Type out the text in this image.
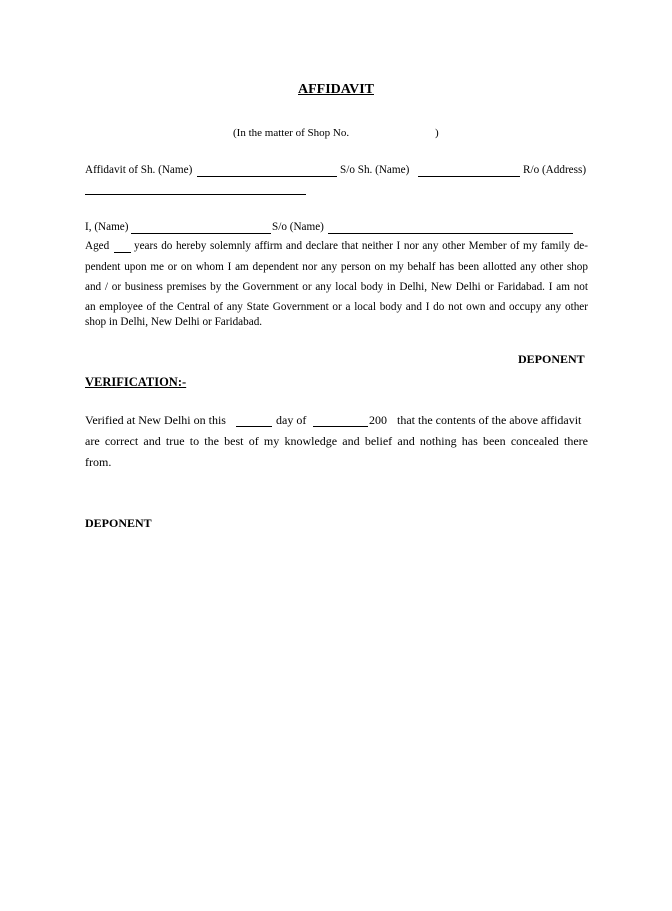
AFFIDAVIT
(In the matter of Shop No.	)
Affidavit of Sh. (Name)	S/o Sh. (Name)	R/o (Address)
I, (Name)	S/o (Name)
Aged years do hereby solemnly affirm and declare that neither I nor any other Member of my family de-
pendent upon me or on whom I am dependent nor any person on my behalf has been allotted any other shop
and / or business premises by the Government or any local body in Delhi, New Delhi or Faridabad. I am not
an employee of the Central of any State Government or a local body and I do not own and occupy any other
shop in Delhi, New Delhi or Faridabad.
DEPONENT
VERIFICATION:-
Verified at New Delhi on this	day of	200 that the contents of the above affidavit
are correct and true to the best of my knowledge and belief and nothing has been concealed there
from.
DEPONENT
